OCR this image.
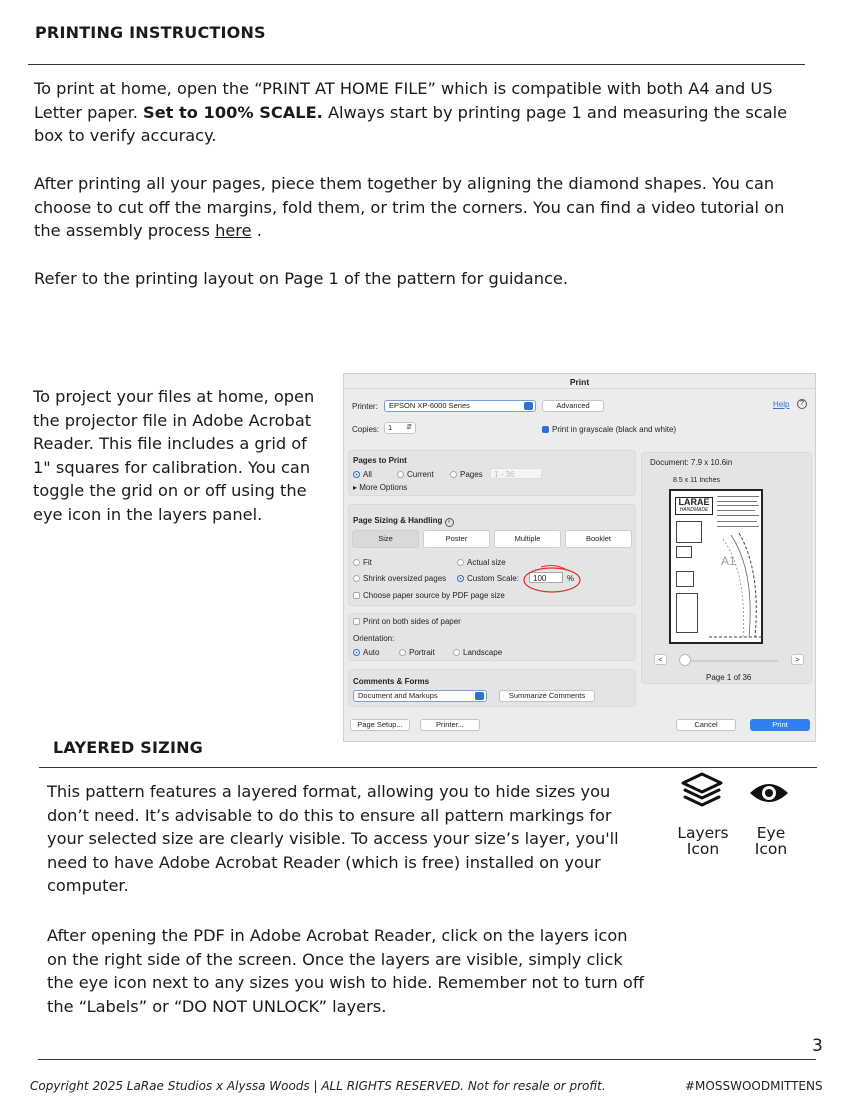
PRINTING INSTRUCTIONS
To print at home, open the “PRINT AT HOME FILE” which is compatible with both A4 and US Letter paper. Set to 100% SCALE. Always start by printing page 1 and measuring the scale box to verify accuracy.
After printing all your pages, piece them together by aligning the diamond shapes. You can choose to cut off the margins, fold them, or trim the corners. You can find a video tutorial on the assembly process here .
Refer to the printing layout on Page 1 of the pattern for guidance.
To project your files at home, open the projector file in Adobe Acrobat Reader. This file includes a grid of 1" squares for calibration. You can toggle the grid on or off using the eye icon in the layers panel.
Print
Printer:	EPSON XP-6000 Series	Advanced	Help	?
Copies:	1 ⇵	Print in grayscale (black and white)
Pages to Print
All	Current	Pages	1 - 36
▸ More Options
Page Sizing & Handling i
Size	Poster	Multiple	Booklet
Fit	Actual size
Shrink oversized pages	Custom Scale:	100	%
Choose paper source by PDF page size
Print on both sides of paper
Orientation:
Auto	Portrait	Landscape
Comments & Forms
Document and Markups	Summarize Comments
Page Setup...	Printer...	Cancel	Print
Document: 7.9 x 10.6in
8.5 x 11 Inches
<	>
Page 1 of 36
LARAE
HANDMADE
A1
LAYERED SIZING
This pattern features a layered format, allowing you to hide sizes you don’t need. It’s advisable to do this to ensure all pattern markings for your selected size are clearly visible. To access your size’s layer, you'll need to have Adobe Acrobat Reader (which is free) installed on your computer.
After opening the PDF in Adobe Acrobat Reader, click on the layers icon on the right side of the screen. Once the layers are visible, simply click the eye icon next to any sizes you wish to hide. Remember not to turn off the “Labels” or “DO NOT UNLOCK” layers.
Layers
Icon
Eye
Icon
3
Copyright 2025 LaRae Studios x Alyssa Woods | ALL RIGHTS RESERVED. Not for resale or profit.	#MOSSWOODMITTENS
